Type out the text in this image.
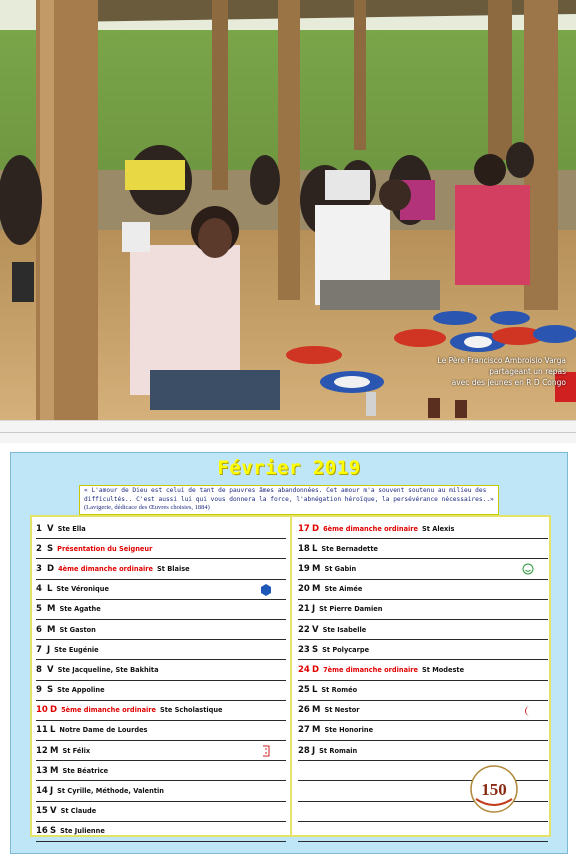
Le Père Francisco Ambroisio Varga
partageant un repas
avec des jeunes en R D Congo
Février 2019
« L'amour de Dieu est celui de tant de pauvres âmes abandonnées. Cet amour m'a souvent soutenu au milieu des difficultés.. C'est aussi lui qui vous donnera la force, l'abnégation héroïque, la persévérance nécessaires..» (Lavigerie, dédicace des Œuvres choisies, 1884)
1 V Ste Ella
2 S Présentation du Seigneur
3 D 4ème dimanche ordinaire St Blaise
4 L Ste Véronique
5 M Ste Agathe
6 M St Gaston
7 J Ste Eugénie
8 V Ste Jacqueline, Ste Bakhita
9 S Ste Appoline
10 D 5ème dimanche ordinaire Ste Scholastique
11 L Notre Dame de Lourdes
12 M St Félix
13 M Ste Béatrice
14 J St Cyrille, Méthode, Valentin
15 V St Claude
16 S Ste Julienne
17 D 6ème dimanche ordinaire St Alexis
18 L Ste Bernadette
19 M St Gabin
20 M Ste Aimée
21 J St Pierre Damien
22 V Ste Isabelle
23 S St Polycarpe
24 D 7ème dimanche ordinaire St Modeste
25 L St Roméo
26 M St Nestor
27 M Ste Honorine
28 J St Romain
150
